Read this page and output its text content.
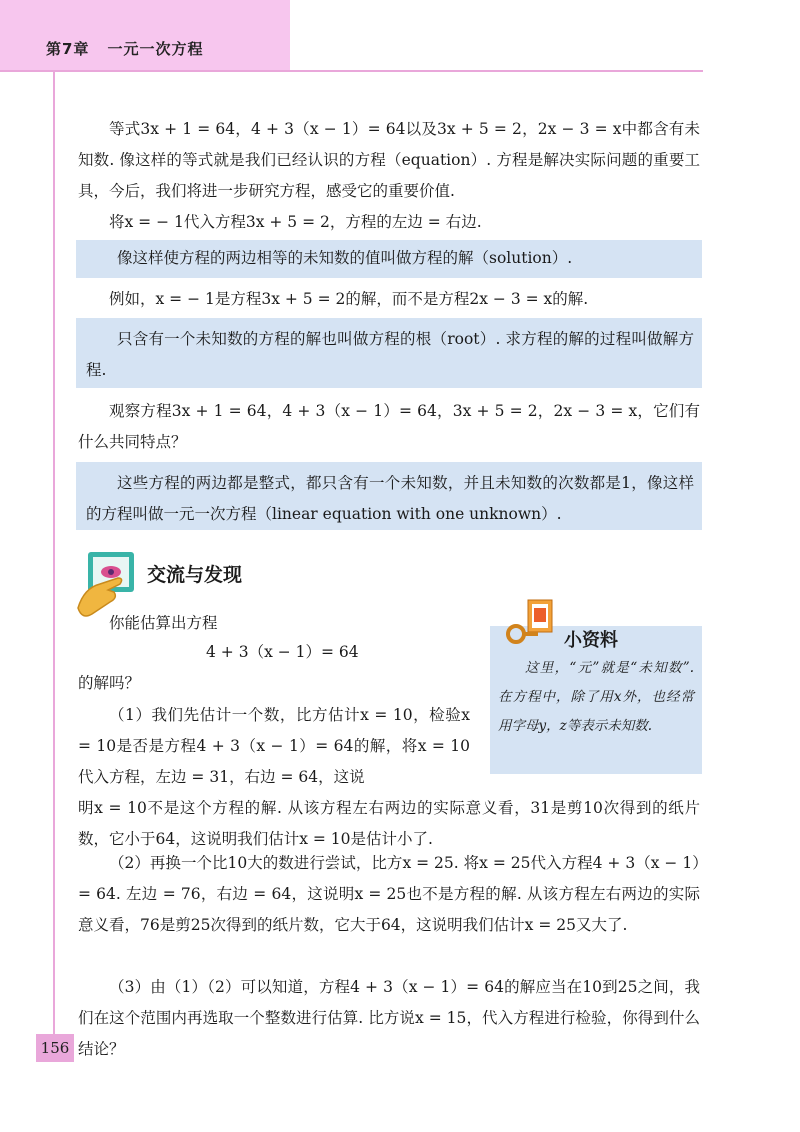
第7章 一元一次方程
等式3x + 1 = 64，4 + 3（x − 1）= 64以及3x + 5 = 2，2x − 3 = x中都含有未知数. 像这样的等式就是我们已经认识的方程（equation）. 方程是解决实际问题的重要工具，今后，我们将进一步研究方程，感受它的重要价值.
将x = − 1代入方程3x + 5 = 2，方程的左边 = 右边.
像这样使方程的两边相等的未知数的值叫做方程的解（solution）.
例如，x = − 1是方程3x + 5 = 2的解，而不是方程2x − 3 = x的解.
只含有一个未知数的方程的解也叫做方程的根（root）. 求方程的解的过程叫做解方程.
观察方程3x + 1 = 64，4 + 3（x − 1）= 64，3x + 5 = 2，2x − 3 = x，它们有什么共同特点？
这些方程的两边都是整式，都只含有一个未知数，并且未知数的次数都是1，像这样的方程叫做一元一次方程（linear equation with one unknown）.
交流与发现
小资料
这里，“元”就是“未知数”. 在方程中，除了用x外，也经常用字母y，z等表示未知数.
你能估算出方程
4 + 3（x − 1）= 64
的解吗？
（1）我们先估计一个数，比方估计x = 10，检验x = 10是否是方程4 + 3（x − 1）= 64的解，将x = 10代入方程，左边 = 31，右边 = 64，这说
明x = 10不是这个方程的解. 从该方程左右两边的实际意义看，31是剪10次得到的纸片数，它小于64，这说明我们估计x = 10是估计小了.
（2）再换一个比10大的数进行尝试，比方x = 25. 将x = 25代入方程4 + 3（x − 1）= 64. 左边 = 76，右边 = 64，这说明x = 25也不是方程的解. 从该方程左右两边的实际意义看，76是剪25次得到的纸片数，它大于64，这说明我们估计x = 25又大了.
（3）由（1）（2）可以知道，方程4 + 3（x − 1）= 64的解应当在10到25之间，我们在这个范围内再选取一个整数进行估算. 比方说x = 15，代入方程进行检验，你得到什么结论？
156
